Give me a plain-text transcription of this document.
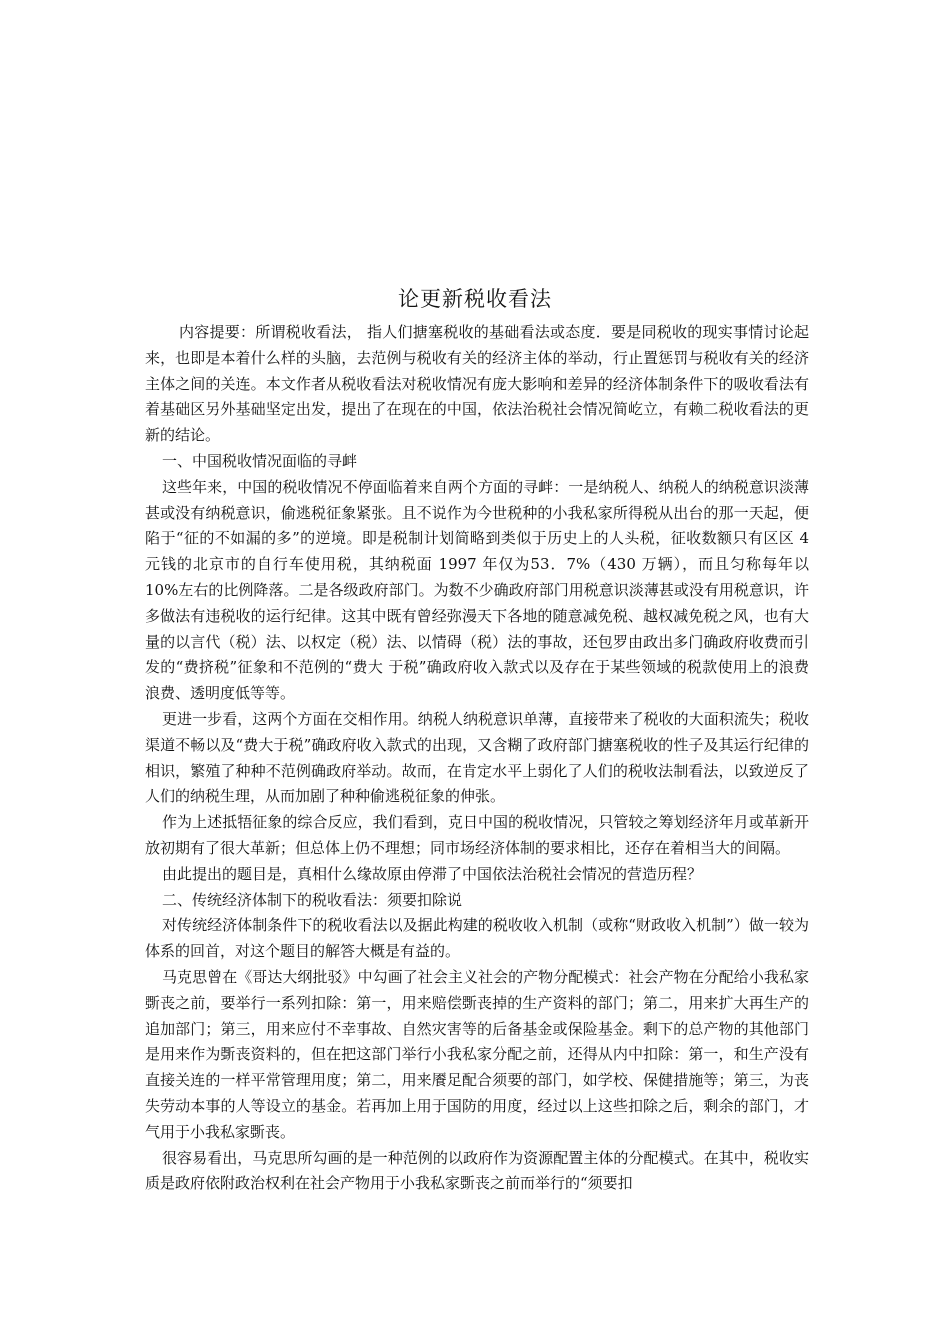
论更新税收看法

内容提要：所谓税收看法， 指人们搪塞税收的基础看法或态度．要是同税收的现实事情讨论起来，也即是本着什么样的头脑，去范例与税收有关的经济主体的举动，行止置惩罚与税收有关的经济主体之间的关连。本文作者从税收看法对税收情况有庞大影响和差异的经济体制条件下的吸收看法有着基础区另外基础坚定出发，提出了在现在的中国，依法治税社会情况简屹立，有赖二税收看法的更新的结论。

一、中国税收情况面临的寻衅

这些年来，中国的税收情况不停面临着来自两个方面的寻衅：一是纳税人、纳税人的纳税意识淡薄甚或没有纳税意识，偷逃税征象紧张。且不说作为今世税种的小我私家所得税从出台的那一天起，便陷于“征的不如漏的多”的逆境。即是税制计划简略到类似于历史上的人头税，征收数额只有区区 4 元钱的北京市的自行车使用税，其纳税面 1997 年仅为53．7%（430 万辆），而且匀称每年以 10%左右的比例降落。二是各级政府部门。为数不少确政府部门用税意识淡薄甚或没有用税意识，许多做法有违税收的运行纪律。这其中既有曾经弥漫天下各地的随意减免税、越权减免税之风，也有大量的以言代（税）法、以权定（税）法、以情碍（税）法的事故，还包罗由政出多门确政府收费而引发的“费挤税”征象和不范例的“费大 于税”确政府收入款式以及存在于某些领域的税款使用上的浪费浪费、透明度低等等。

更进一步看，这两个方面在交相作用。纳税人纳税意识单薄，直接带来了税收的大面积流失；税收渠道不畅以及“费大于税”确政府收入款式的出现，又含糊了政府部门搪塞税收的性子及其运行纪律的相识，繁殖了种种不范例确政府举动。故而，在肯定水平上弱化了人们的税收法制看法，以致逆反了人们的纳税生理，从而加剧了种种偷逃税征象的伸张。

作为上述抵牾征象的综合反应，我们看到，克日中国的税收情况，只管较之筹划经济年月或革新开放初期有了很大革新；但总体上仍不理想；同市场经济体制的要求相比，还存在着相当大的间隔。

由此提出的题目是，真相什么缘故原由停滞了中国依法治税社会情况的营造历程？

二、传统经济体制下的税收看法：须要扣除说

对传统经济体制条件下的税收看法以及据此构建的税收收入机制（或称“财政收入机制”）做一较为体系的回首，对这个题目的解答大概是有益的。

马克思曾在《哥达大纲批驳》中勾画了社会主义社会的产物分配模式：社会产物在分配给小我私家斲丧之前，要举行一系列扣除：第一，用来赔偿斲丧掉的生产资料的部门；第二，用来扩大再生产的追加部门；第三，用来应付不幸事故、自然灾害等的后备基金或保险基金。剩下的总产物的其他部门是用来作为斲丧资料的，但在把这部门举行小我私家分配之前，还得从内中扣除：第一，和生产没有直接关连的一样平常管理用度；第二，用来餍足配合须要的部门，如学校、保健措施等；第三，为丧失劳动本事的人等设立的基金。若再加上用于国防的用度，经过以上这些扣除之后，剩余的部门，才气用于小我私家斲丧。

很容易看出，马克思所勾画的是一种范例的以政府作为资源配置主体的分配模式。在其中，税收实质是政府依附政治权利在社会产物用于小我私家斲丧之前而举行的“须要扣
